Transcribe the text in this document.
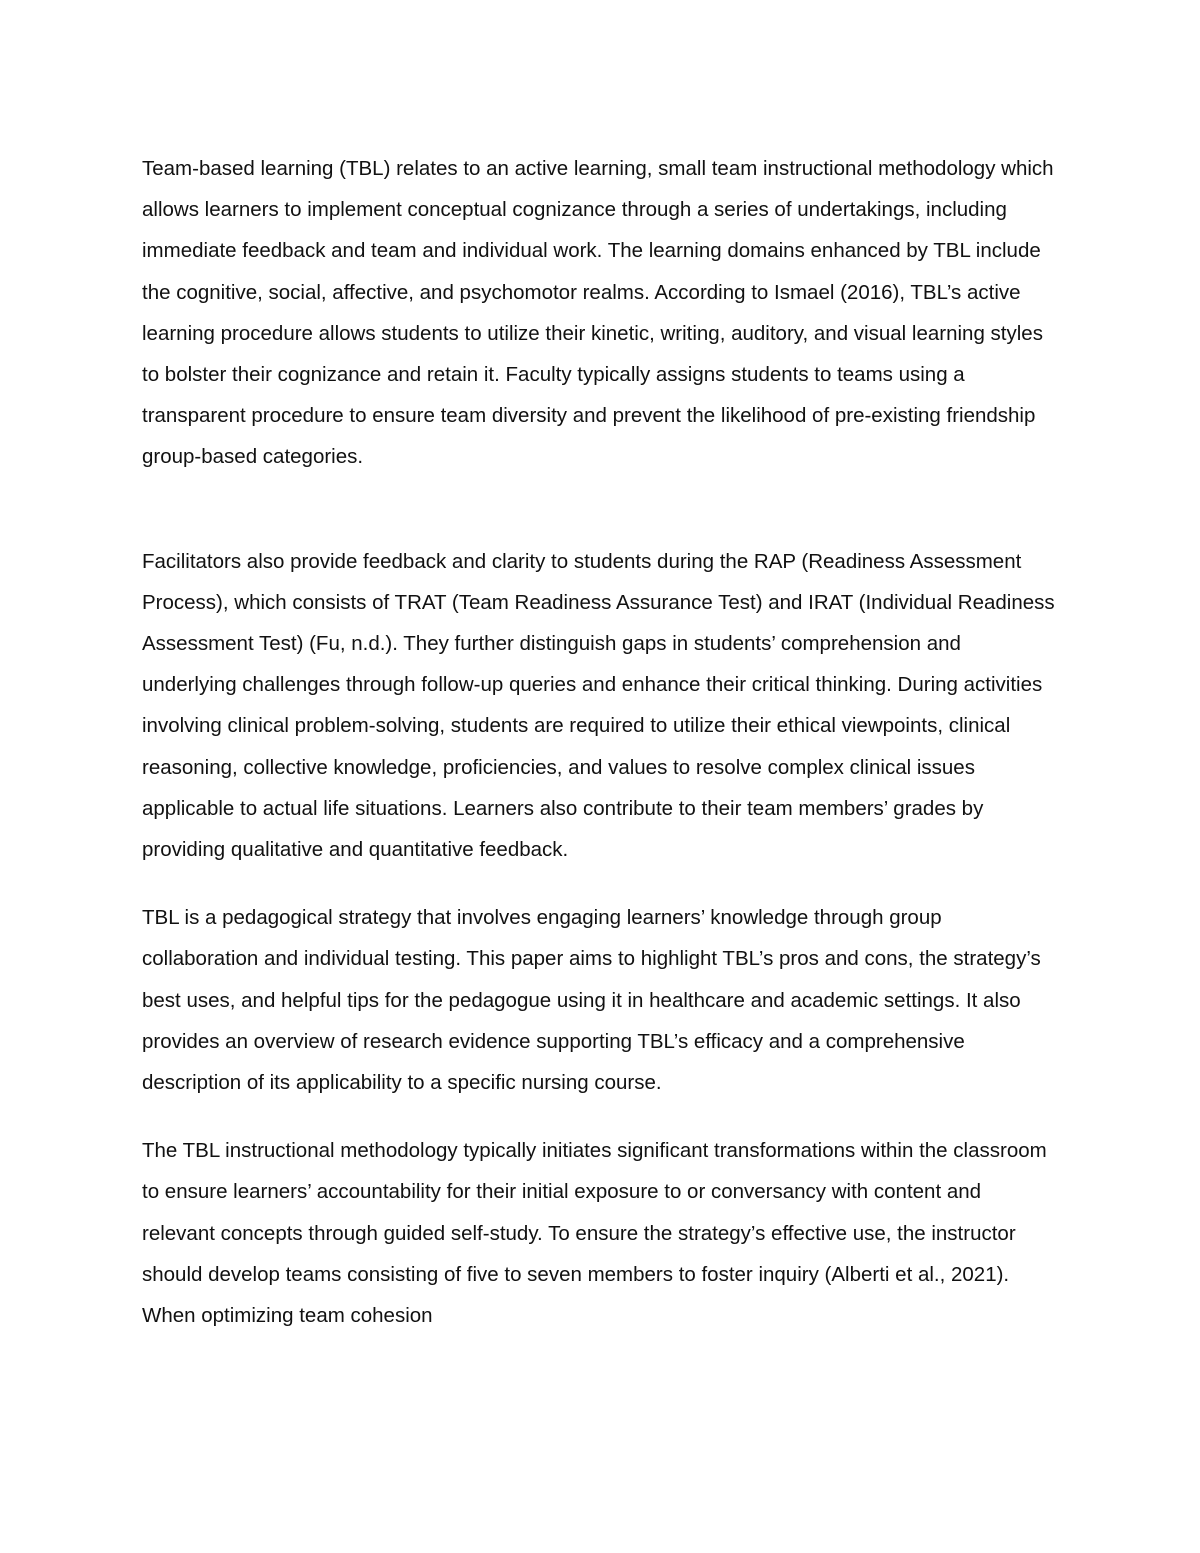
Team-based learning (TBL) relates to an active learning, small team instructional methodology which allows learners to implement conceptual cognizance through a series of undertakings, including immediate feedback and team and individual work. The learning domains enhanced by TBL include the cognitive, social, affective, and psychomotor realms. According to Ismael (2016), TBL’s active learning procedure allows students to utilize their kinetic, writing, auditory, and visual learning styles to bolster their cognizance and retain it. Faculty typically assigns students to teams using a transparent procedure to ensure team diversity and prevent the likelihood of pre-existing friendship group-based categories.

Facilitators also provide feedback and clarity to students during the RAP (Readiness Assessment Process), which consists of TRAT (Team Readiness Assurance Test) and IRAT (Individual Readiness Assessment Test) (Fu, n.d.). They further distinguish gaps in students’ comprehension and underlying challenges through follow-up queries and enhance their critical thinking. During activities involving clinical problem-solving, students are required to utilize their ethical viewpoints, clinical reasoning, collective knowledge, proficiencies, and values to resolve complex clinical issues applicable to actual life situations. Learners also contribute to their team members’ grades by providing qualitative and quantitative feedback.

TBL is a pedagogical strategy that involves engaging learners’ knowledge through group collaboration and individual testing. This paper aims to highlight TBL’s pros and cons, the strategy’s best uses, and helpful tips for the pedagogue using it in healthcare and academic settings. It also provides an overview of research evidence supporting TBL’s efficacy and a comprehensive description of its applicability to a specific nursing course.

The TBL instructional methodology typically initiates significant transformations within the classroom to ensure learners’ accountability for their initial exposure to or conversancy with content and relevant concepts through guided self-study. To ensure the strategy’s effective use, the instructor should develop teams consisting of five to seven members to foster inquiry (Alberti et al., 2021). When optimizing team cohesion
